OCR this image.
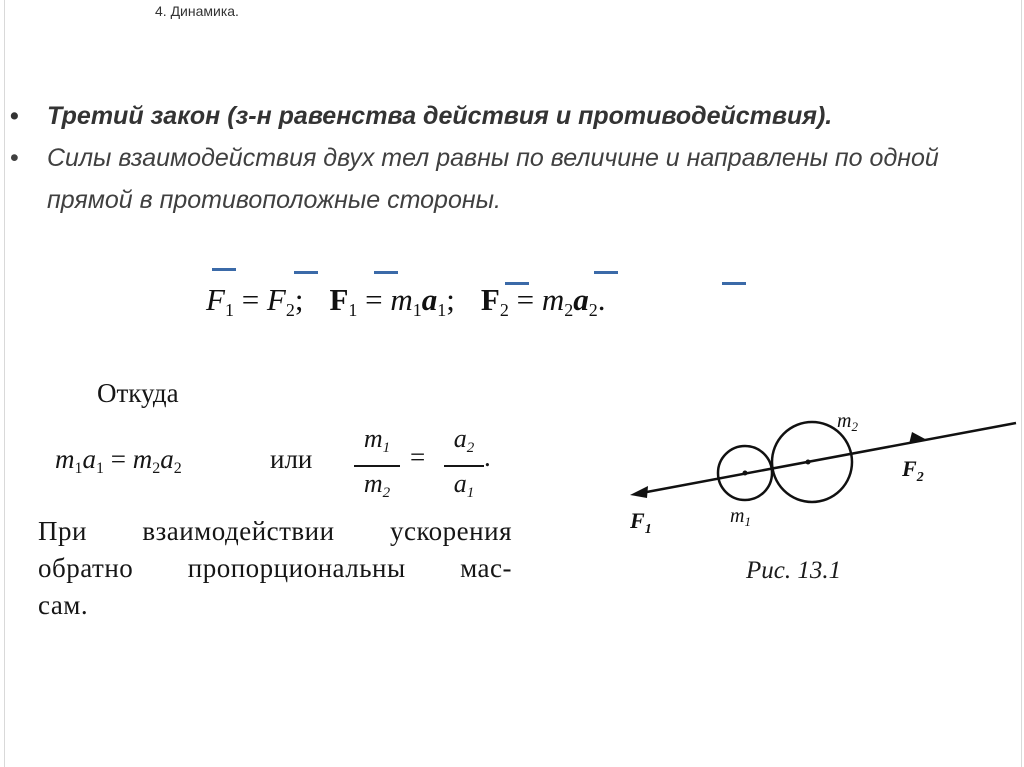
4. Динамика.
• Третий закон (з-н равенства действия и противодействия).
• Силы взаимодействия двух тел равны по величине и направлены по одной прямой в противоположные стороны.
$F_1 = F_2$; $F_1 = m_1a_1$; $F_2 = m_2a_2$.
Откуда
$m_1a_1 = m_2a_2$	или
$m_1$
$m_2$
=
$a_2$
$a_1$
.
При взаимодействии ускорения
обратно пропорциональны мас-
сам.
$m_2$
$m_1$
$F_1$
$F_2$
Рис. 13.1
